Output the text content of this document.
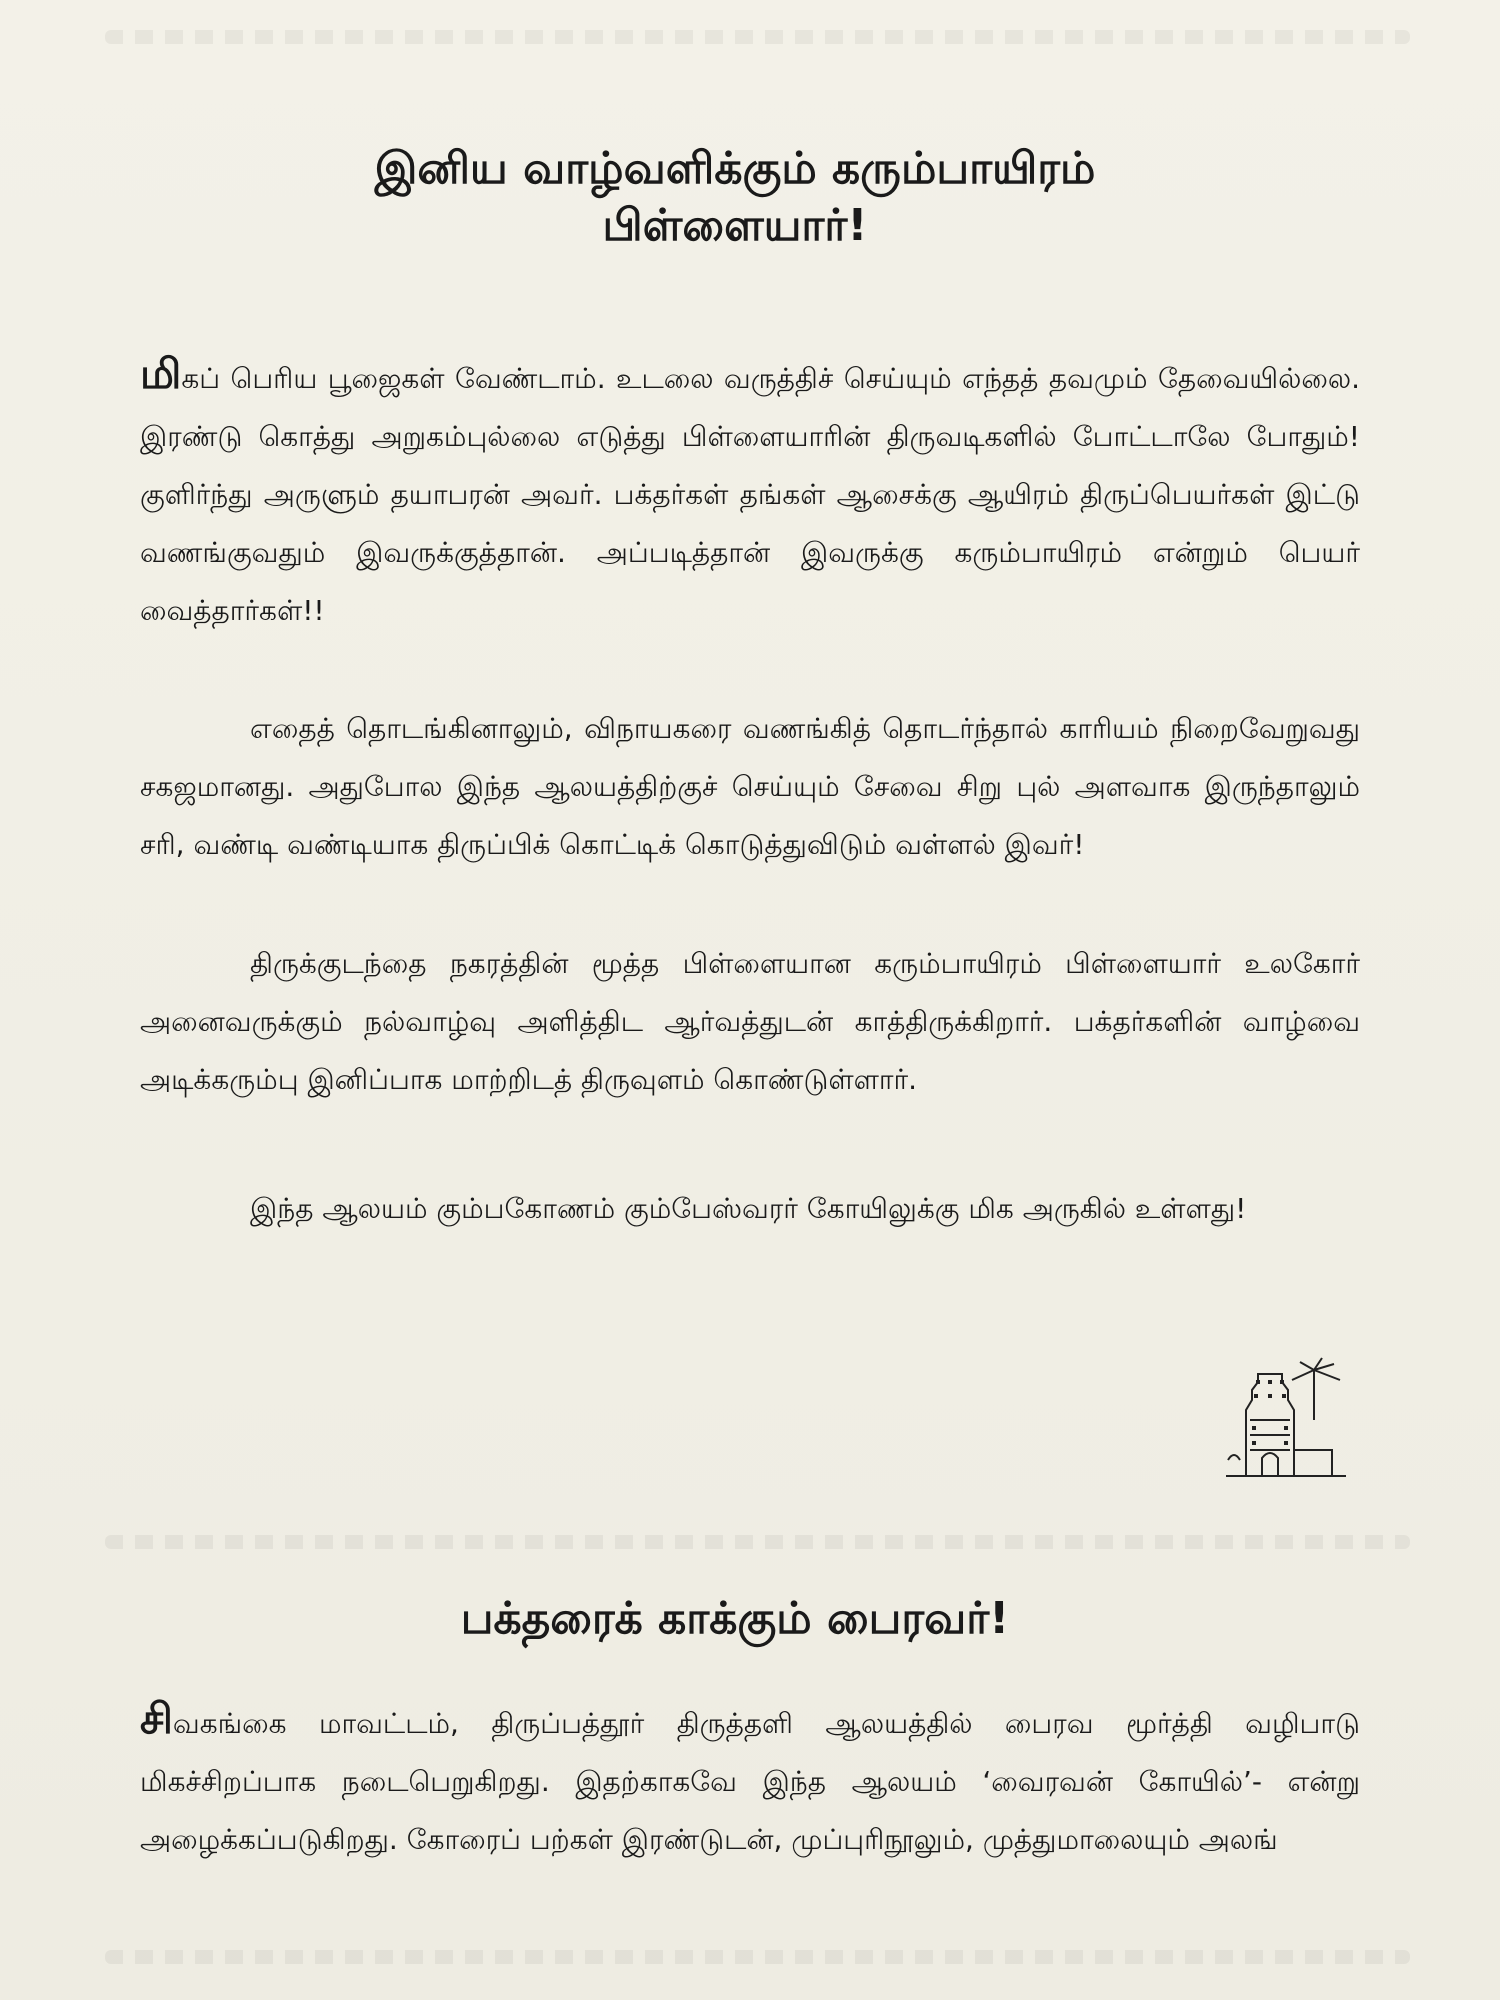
இனிய வாழ்வளிக்கும் கரும்பாயிரம்
பிள்ளையார்!

மிகப் பெரிய பூஜைகள் வேண்டாம். உடலை வருத்திச் செய்யும் எந்தத் தவமும் தேவையில்லை. இரண்டு கொத்து அறுகம்புல்லை எடுத்து பிள்ளையாரின் திருவடிகளில் போட்டாலே போதும்! குளிர்ந்து அருளும் தயாபரன் அவர். பக்தர்கள் தங்கள் ஆசைக்கு ஆயிரம் திருப்பெயர்கள் இட்டு வணங்குவதும் இவருக்குத்தான். அப்படித்தான் இவருக்கு கரும்பாயிரம் என்றும் பெயர் வைத்தார்கள்!!

எதைத் தொடங்கினாலும், விநாயகரை வணங்கித் தொடர்ந்தால் காரியம் நிறைவேறுவது சகஜமானது. அதுபோல இந்த ஆலயத்திற்குச் செய்யும் சேவை சிறு புல் அளவாக இருந்தாலும் சரி, வண்டி வண்டியாக திருப்பிக் கொட்டிக் கொடுத்துவிடும் வள்ளல் இவர்!

திருக்குடந்தை நகரத்தின் மூத்த பிள்ளையான கரும்பாயிரம் பிள்ளையார் உலகோர் அனைவருக்கும் நல்வாழ்வு அளித்திட ஆர்வத்துடன் காத்திருக்கிறார். பக்தர்களின் வாழ்வை அடிக்கரும்பு இனிப்பாக மாற்றிடத் திருவுளம் கொண்டுள்ளார்.

இந்த ஆலயம் கும்பகோணம் கும்பேஸ்வரர் கோயிலுக்கு மிக அருகில் உள்ளது!

பக்தரைக் காக்கும் பைரவர்!

சிவகங்கை மாவட்டம், திருப்பத்தூர் திருத்தளி ஆலயத்தில் பைரவ மூர்த்தி வழிபாடு மிகச்சிறப்பாக நடைபெறுகிறது. இதற்காகவே இந்த ஆலயம் ‘வைரவன் கோயில்’- என்று அழைக்கப்படுகிறது. கோரைப் பற்கள் இரண்டுடன், முப்புரிநூலும், முத்துமாலையும் அலங்
